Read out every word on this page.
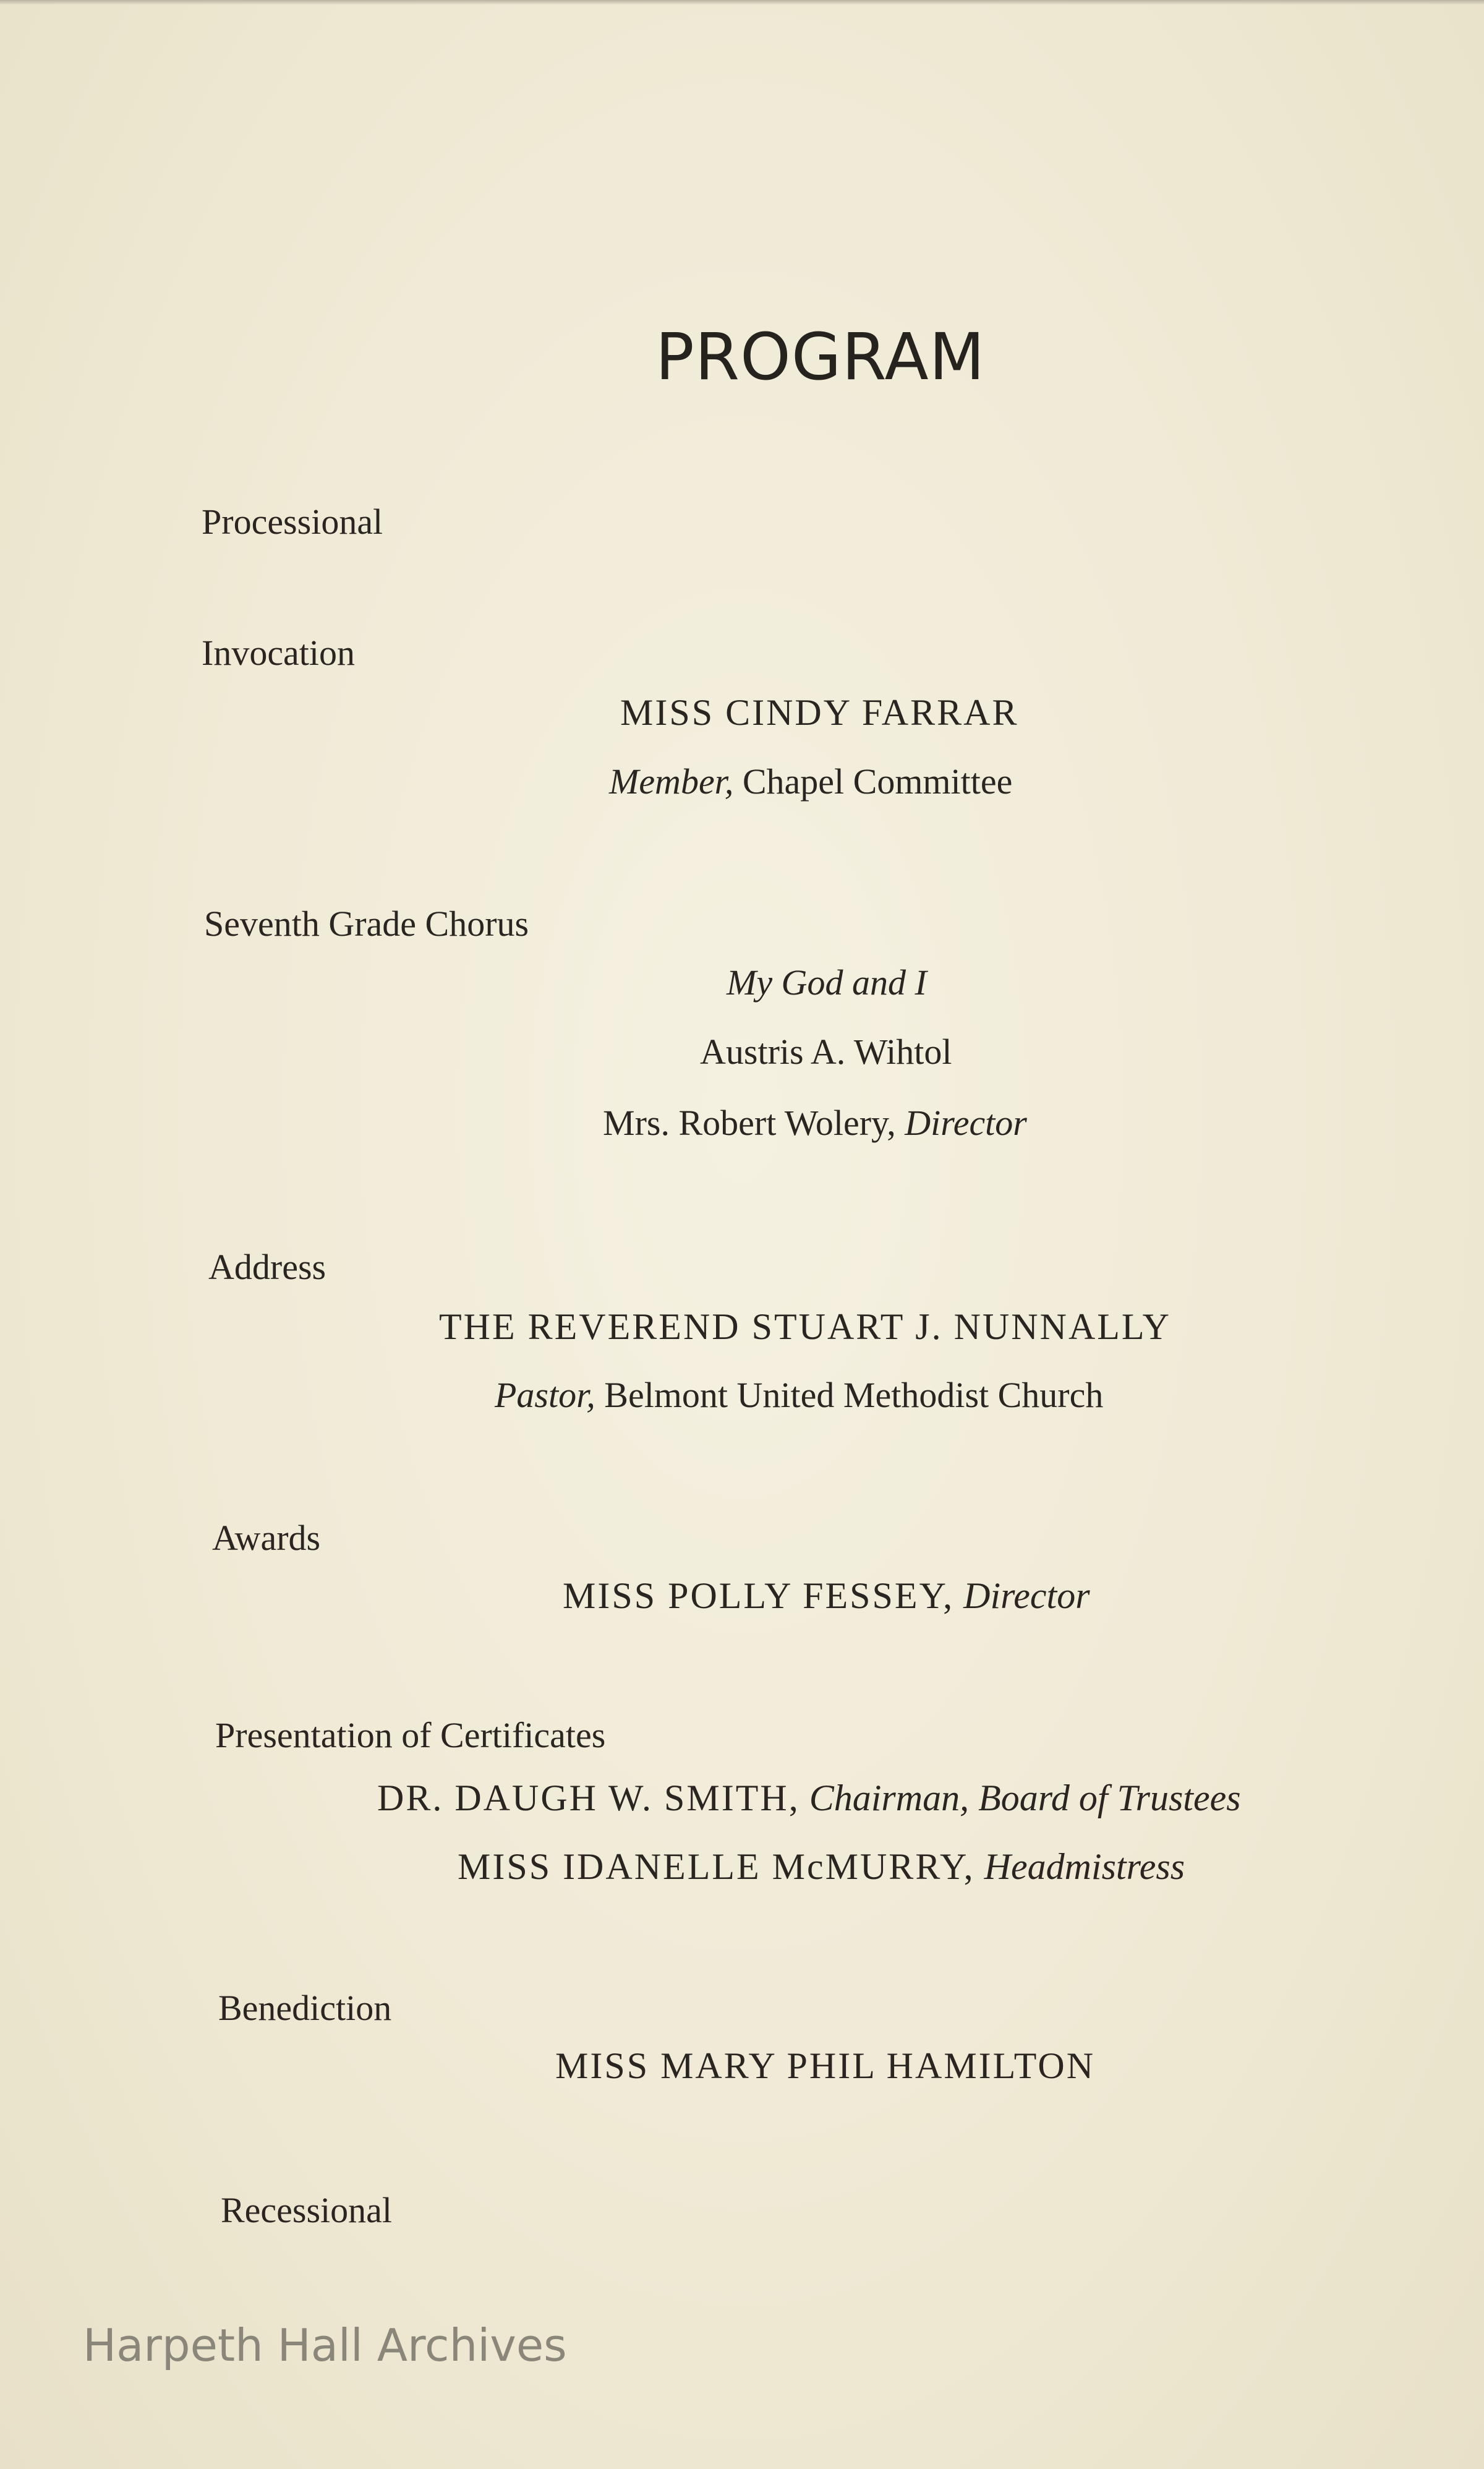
PROGRAM
Processional
Invocation
MISS CINDY FARRAR
Member, Chapel Committee
Seventh Grade Chorus
My God and I
Austris A. Wihtol
Mrs. Robert Wolery, Director
Address
THE REVEREND STUART J. NUNNALLY
Pastor, Belmont United Methodist Church
Awards
MISS POLLY FESSEY, Director
Presentation of Certificates
DR. DAUGH W. SMITH, Chairman, Board of Trustees
MISS IDANELLE McMURRY, Headmistress
Benediction
MISS MARY PHIL HAMILTON
Recessional
Harpeth Hall Archives
